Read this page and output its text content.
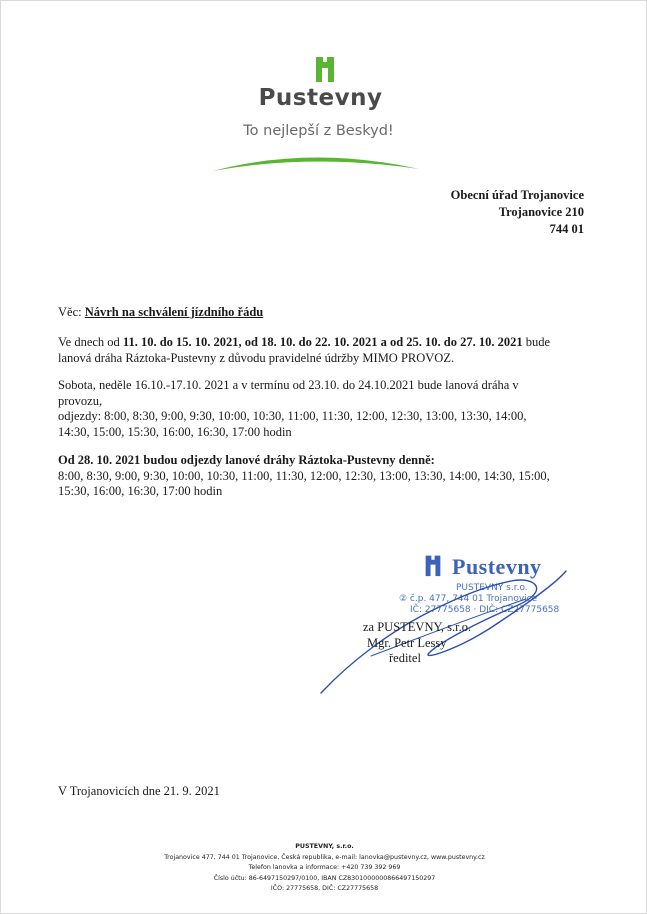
Pustevny
To nejlepší z Beskyd!
Obecní úřad Trojanovice
Trojanovice 210
744 01
Věc: Návrh na schválení jízdního řádu
Ve dnech od 11. 10. do 15. 10. 2021, od 18. 10. do 22. 10. 2021 a od 25. 10. do 27. 10. 2021 bude
lanová dráha Ráztoka-Pustevny z důvodu pravidelné údržby MIMO PROVOZ.
Sobota, neděle 16.10.-17.10. 2021 a v termínu od 23.10. do 24.10.2021 bude lanová dráha v
provozu,
odjezdy: 8:00, 8:30, 9:00, 9:30, 10:00, 10:30, 11:00, 11:30, 12:00, 12:30, 13:00, 13:30, 14:00,
14:30, 15:00, 15:30, 16:00, 16:30, 17:00 hodin
Od 28. 10. 2021 budou odjezdy lanové dráhy Ráztoka-Pustevny denně:
8:00, 8:30, 9:00, 9:30, 10:00, 10:30, 11:00, 11:30, 12:00, 12:30, 13:00, 13:30, 14:00, 14:30, 15:00,
15:30, 16:00, 16:30, 17:00 hodin
Pustevny
PUSTEVNY s.r.o.
② č.p. 477, 744 01 Trojanovice
IČ: 27775658 · DIČ: CZ27775658
za PUSTEVNY, s.r.o.
Mgr. Petr Lessy
ředitel
V Trojanovicích dne 21. 9. 2021
PUSTEVNY, s.r.o.
Trojanovice 477, 744 01 Trojanovice, Česká republika, e-mail: lanovka@pustevny.cz, www.pustevny.cz
Telefon lanovka a informace: +420 739 392 969
Číslo účtu: 86-6497150297/0100, IBAN CZ8301000000866497150297
IČO: 27775658, DIČ: CZ27775658
